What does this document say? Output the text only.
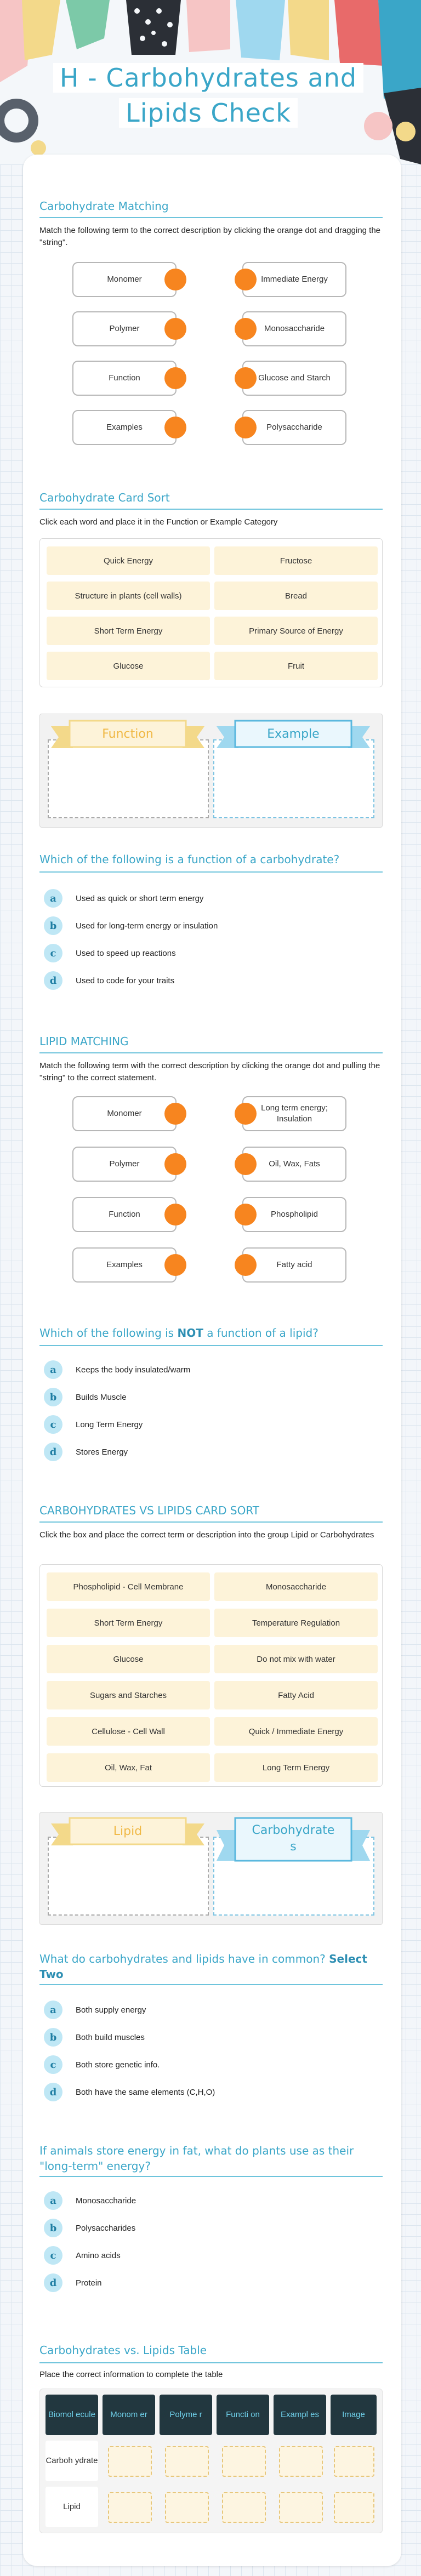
H - Carbohydrates and Lipids Check
Carbohydrate Matching
Match the following term to the correct description by clicking the orange dot and dragging the "string".
Monomer
Polymer
Function
Examples
Immediate Energy
Monosaccharide
Glucose and Starch
Polysaccharide
Carbohydrate Card Sort
Click each word and place it in the Function or Example Category
Quick Energy	Fructose
Structure in plants (cell walls)	Bread
Short Term Energy	Primary Source of Energy
Glucose	Fruit
Function	Example
Which of the following is a function of a carbohydrate?
a	Used as quick or short term energy
b	Used for long-term energy or insulation
c	Used to speed up reactions
d	Used to code for your traits
LIPID MATCHING
Match the following term with the correct description by clicking the orange dot and pulling the "string" to the correct statement.
Monomer
Polymer
Function
Examples
Long term energy; Insulation
Oil, Wax, Fats
Phospholipid
Fatty acid
Which of the following is NOT a function of a lipid?
a	Keeps the body insulated/warm
b	Builds Muscle
c	Long Term Energy
d	Stores Energy
CARBOHYDRATES VS LIPIDS CARD SORT
Click the box and place the correct term or description into the group Lipid or Carbohydrates
Phospholipid - Cell Membrane	Monosaccharide
Short Term Energy	Temperature Regulation
Glucose	Do not mix with water
Sugars and Starches	Fatty Acid
Cellulose - Cell Wall	Quick / Immediate Energy
Oil, Wax, Fat	Long Term Energy
Lipid	Carbohydrate s
What do carbohydrates and lipids have in common? Select Two
a	Both supply energy
b	Both build muscles
c	Both store genetic info.
d	Both have the same elements (C,H,O)
If animals store energy in fat, what do plants use as their "long-term" energy?
a	Monosaccharide
b	Polysaccharides
c	Amino acids
d	Protein
Carbohydrates vs. Lipids Table
Place the correct information to complete the table
Biomol ecule	Monom er	Polyme r	Functi on	Exampl es	Image
Carboh ydrate
Lipid
